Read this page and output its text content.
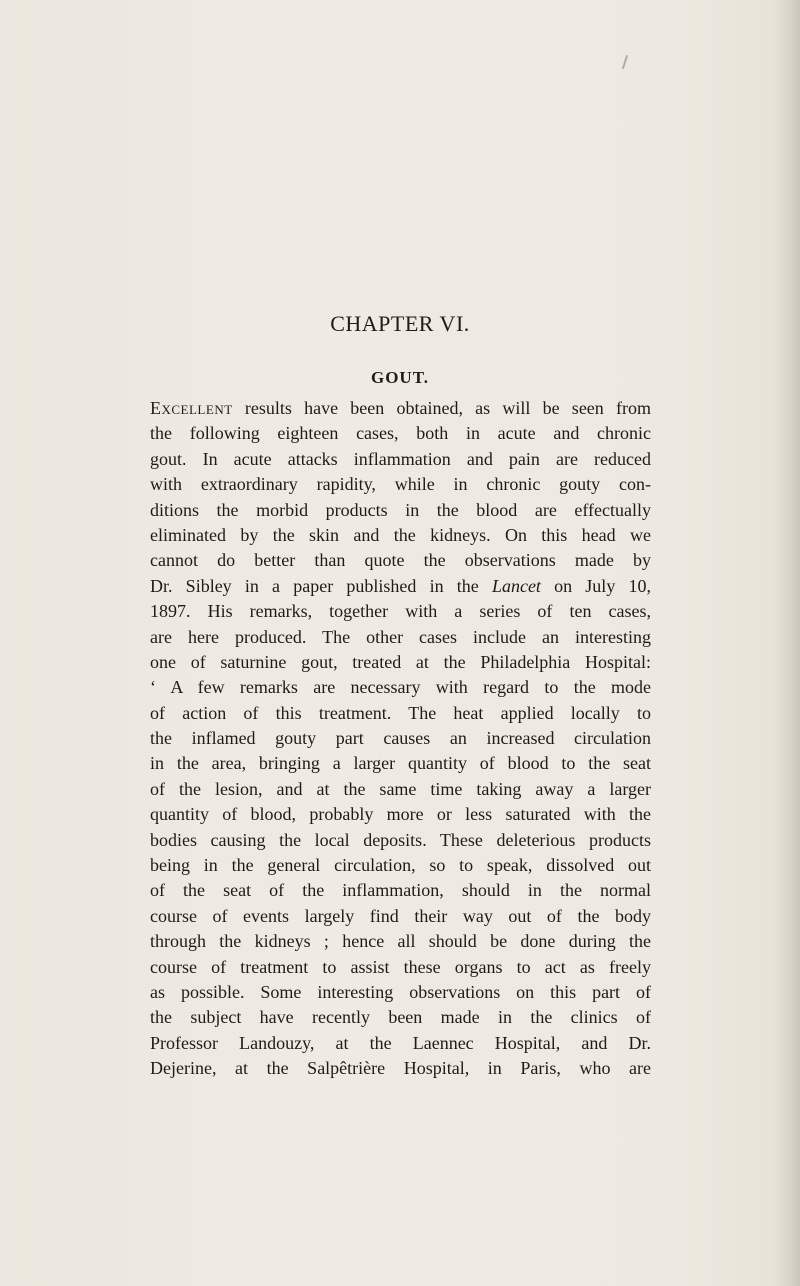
CHAPTER VI.
GOUT.
Excellent results have been obtained, as will be seen from
the following eighteen cases, both in acute and chronic
gout. In acute attacks inflammation and pain are reduced
with extraordinary rapidity, while in chronic gouty con-
ditions the morbid products in the blood are effectually
eliminated by the skin and the kidneys. On this head we
cannot do better than quote the observations made by
Dr. Sibley in a paper published in the Lancet on July 10,
1897. His remarks, together with a series of ten cases,
are here produced. The other cases include an interesting
one of saturnine gout, treated at the Philadelphia Hospital:
‘ A few remarks are necessary with regard to the mode
of action of this treatment. The heat applied locally to
the inflamed gouty part causes an increased circulation
in the area, bringing a larger quantity of blood to the seat
of the lesion, and at the same time taking away a larger
quantity of blood, probably more or less saturated with the
bodies causing the local deposits. These deleterious products
being in the general circulation, so to speak, dissolved out
of the seat of the inflammation, should in the normal
course of events largely find their way out of the body
through the kidneys ; hence all should be done during the
course of treatment to assist these organs to act as freely
as possible. Some interesting observations on this part of
the subject have recently been made in the clinics of
Professor Landouzy, at the Laennec Hospital, and Dr.
Dejerine, at the Salpêtrière Hospital, in Paris, who are
